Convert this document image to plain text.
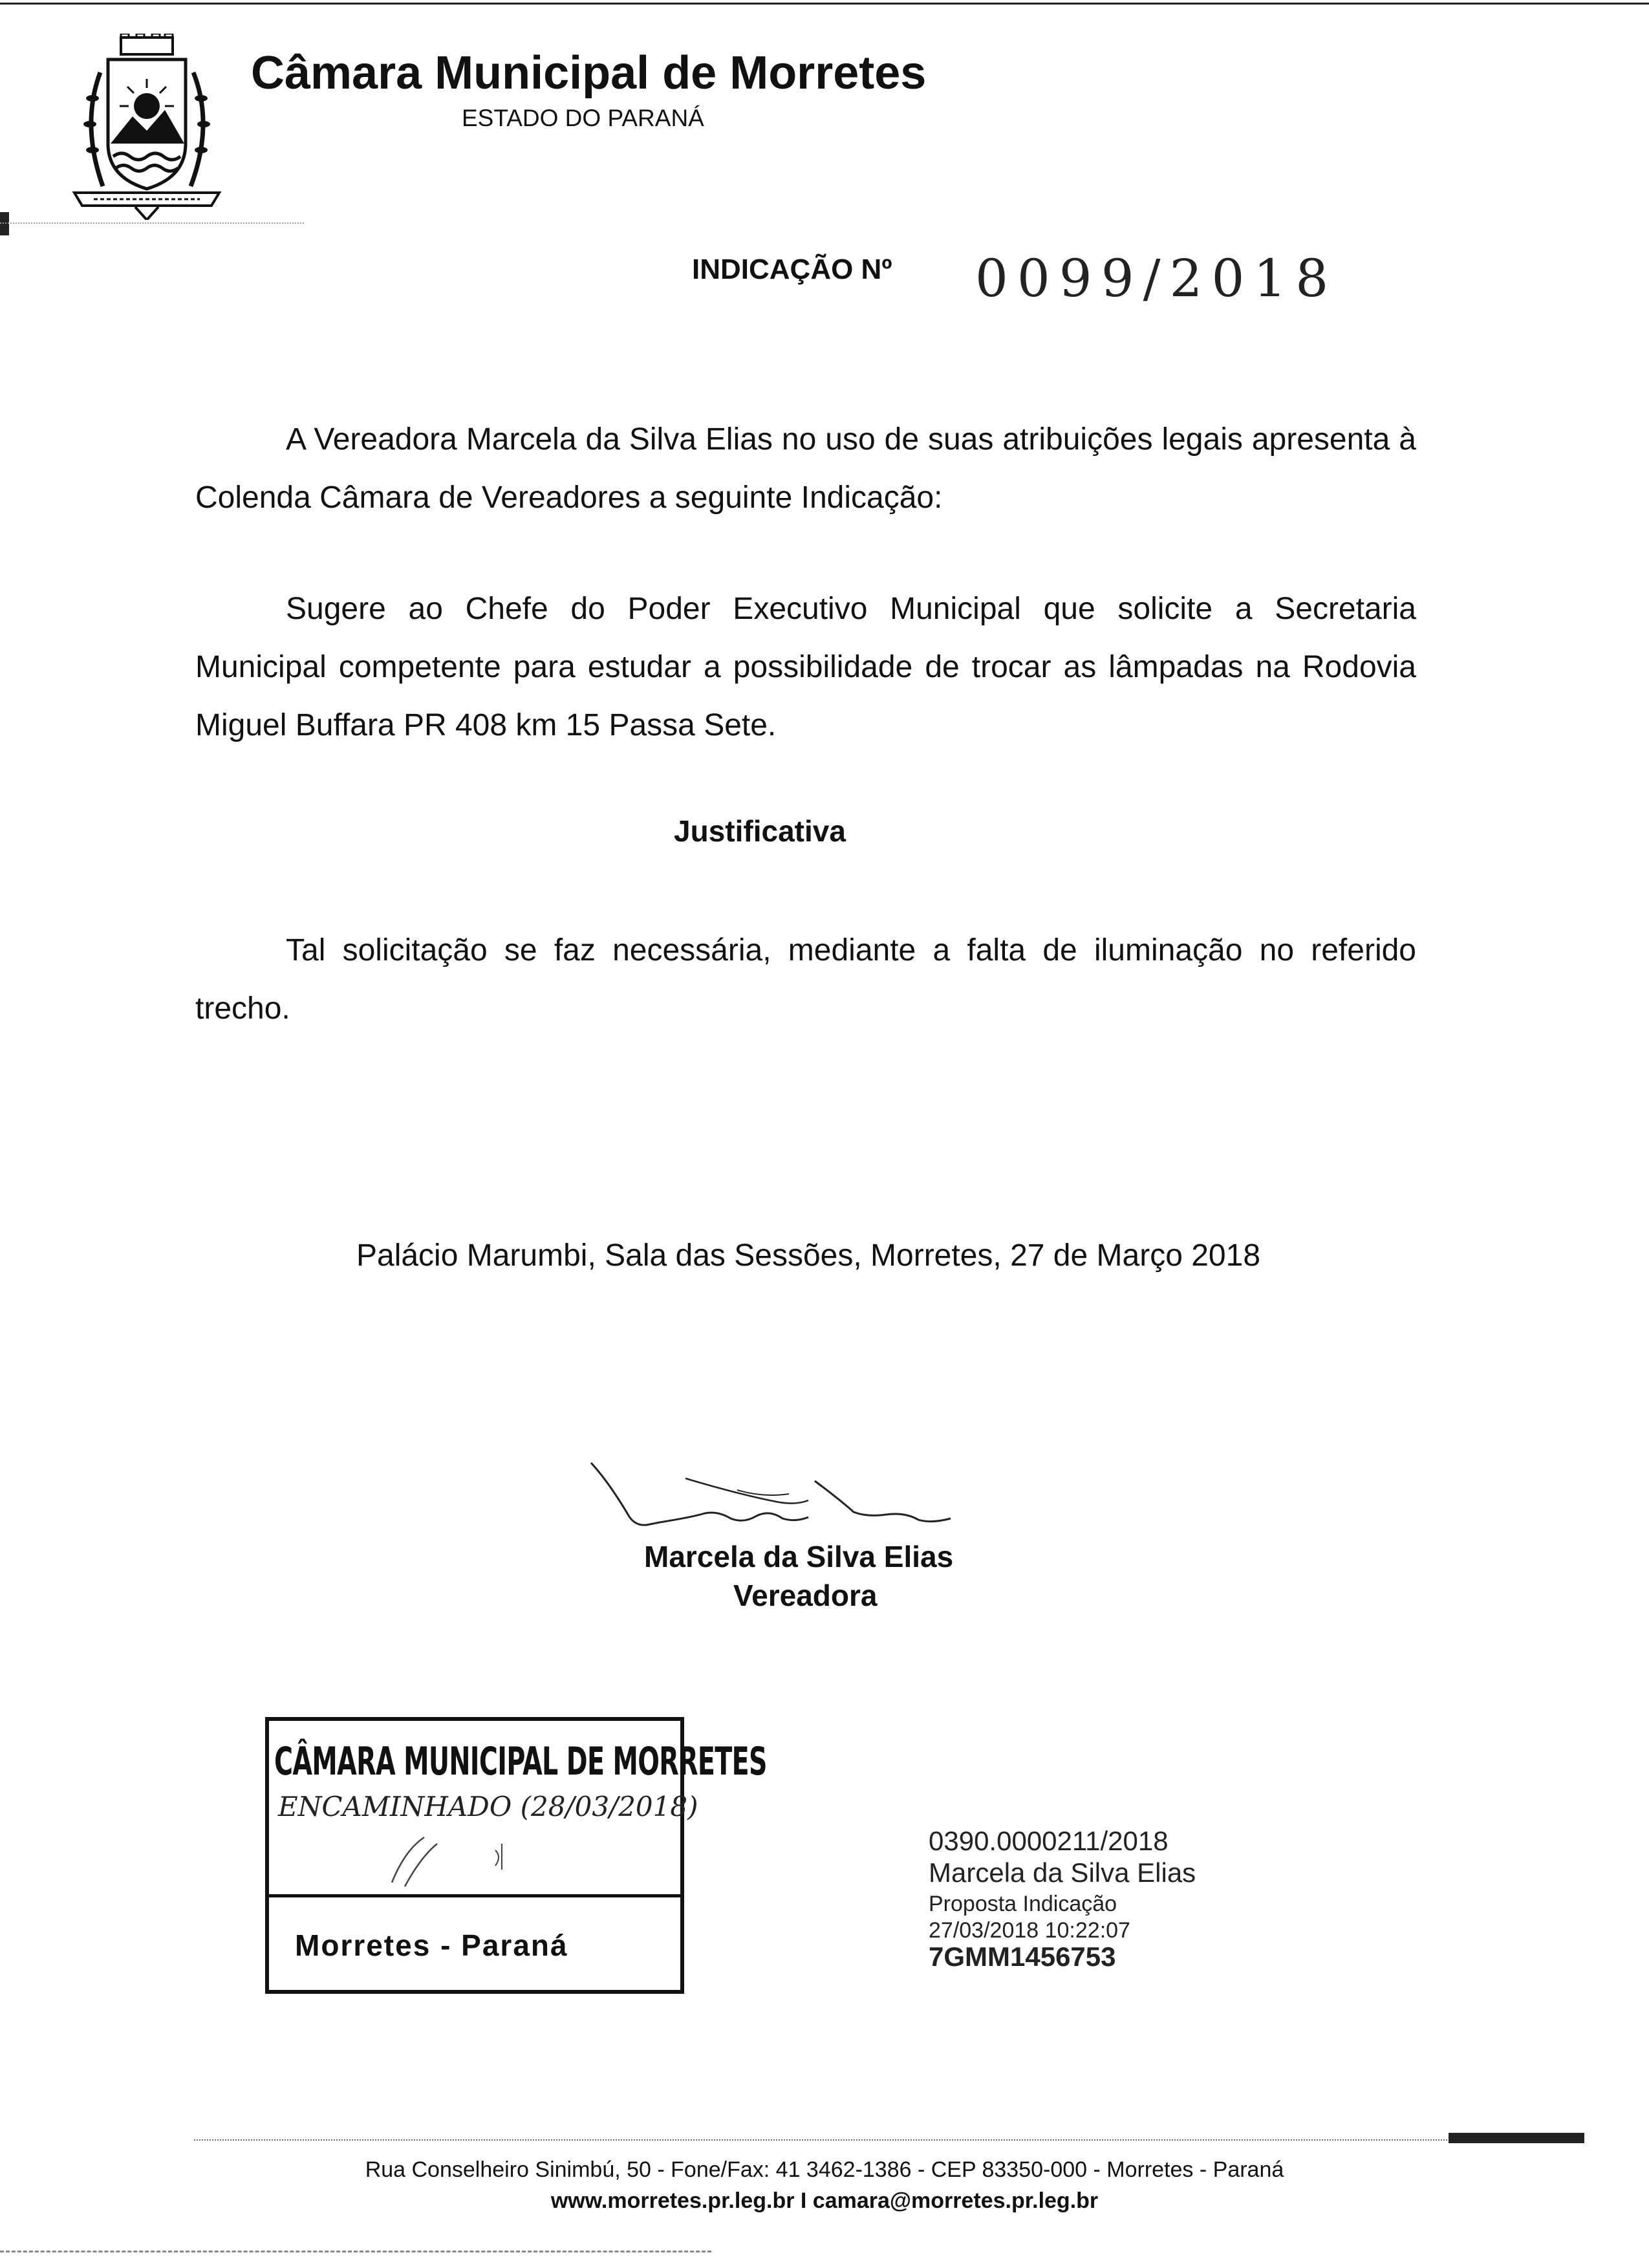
Câmara Municipal de Morretes
ESTADO DO PARANÁ
INDICAÇÃO Nº 0099/2018

A Vereadora Marcela da Silva Elias no uso de suas atribuições legais apresenta à Colenda Câmara de Vereadores a seguinte Indicação:

Sugere ao Chefe do Poder Executivo Municipal que solicite a Secretaria Municipal competente para estudar a possibilidade de trocar as lâmpadas na Rodovia Miguel Buffara PR 408 km 15 Passa Sete.

Justificativa

Tal solicitação se faz necessária, mediante a falta de iluminação no referido trecho.

Palácio Marumbi, Sala das Sessões, Morretes, 27 de Março 2018
Marcela da Silva Elias
Vereadora
CÂMARA MUNICIPAL DE MORRETES
ENCAMINHADO (28/03/2018)
Morretes - Paraná
0390.0000211/2018
Marcela da Silva Elias
Proposta Indicação
27/03/2018 10:22:07
7GMM1456753
Rua Conselheiro Sinimbú, 50 - Fone/Fax: 41 3462-1386 - CEP 83350-000 - Morretes - Paraná
www.morretes.pr.leg.br I camara@morretes.pr.leg.br
